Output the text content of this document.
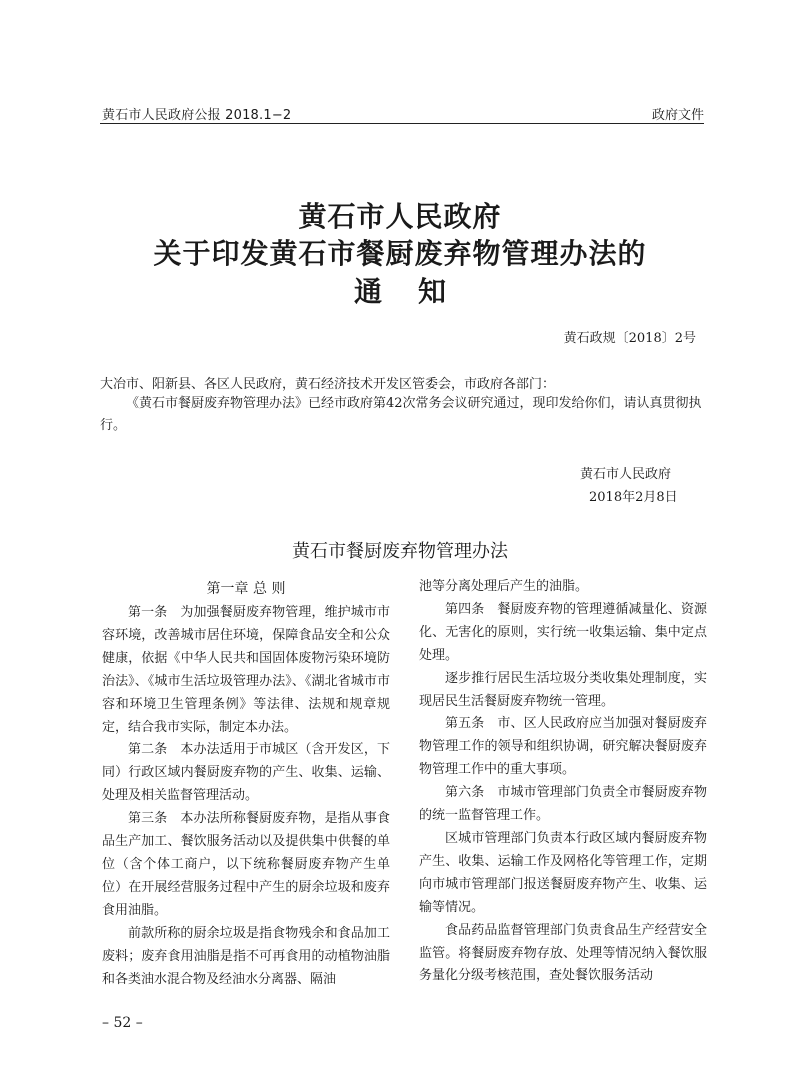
黄石市人民政府公报 2018.1−2	政府文件
黄石市人民政府
关于印发黄石市餐厨废弃物管理办法的
通知
黄石政规〔2018〕2号
大冶市、阳新县、各区人民政府，黄石经济技术开发区管委会，市政府各部门：

《黄石市餐厨废弃物管理办法》已经市政府第42次常务会议研究通过，现印发给你们，请认真贯彻执行。

黄石市人民政府
2018年2月8日
黄石市餐厨废弃物管理办法
第一章 总 则

第一条　为加强餐厨废弃物管理，维护城市市容环境，改善城市居住环境，保障食品安全和公众健康，依据《中华人民共和国固体废物污染环境防治法》、《城市生活垃圾管理办法》、《湖北省城市市容和环境卫生管理条例》等法律、法规和规章规定，结合我市实际，制定本办法。

第二条　本办法适用于市城区（含开发区，下同）行政区域内餐厨废弃物的产生、收集、运输、处理及相关监督管理活动。

第三条　本办法所称餐厨废弃物，是指从事食品生产加工、餐饮服务活动以及提供集中供餐的单位（含个体工商户，以下统称餐厨废弃物产生单位）在开展经营服务过程中产生的厨余垃圾和废弃食用油脂。

前款所称的厨余垃圾是指食物残余和食品加工废料；废弃食用油脂是指不可再食用的动植物油脂和各类油水混合物及经油水分离器、隔油

池等分离处理后产生的油脂。

第四条　餐厨废弃物的管理遵循减量化、资源化、无害化的原则，实行统一收集运输、集中定点处理。

逐步推行居民生活垃圾分类收集处理制度，实现居民生活餐厨废弃物统一管理。

第五条　市、区人民政府应当加强对餐厨废弃物管理工作的领导和组织协调，研究解决餐厨废弃物管理工作中的重大事项。

第六条　市城市管理部门负责全市餐厨废弃物的统一监督管理工作。

区城市管理部门负责本行政区域内餐厨废弃物产生、收集、运输工作及网格化等管理工作，定期向市城市管理部门报送餐厨废弃物产生、收集、运输等情况。

食品药品监督管理部门负责食品生产经营安全监管。将餐厨废弃物存放、处理等情况纳入餐饮服务量化分级考核范围，查处餐饮服务活动

– 52 –
